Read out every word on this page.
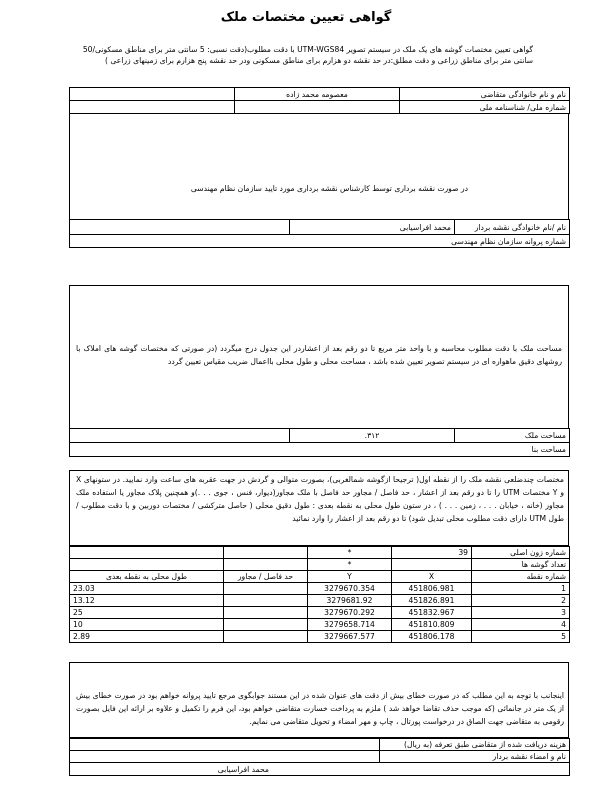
گواهی تعیین مختصات ملک
گواهی تعیین مختصات گوشه های یک ملک در سیستم تصویر UTM-WGS84 با دقت مطلوب(دقت نسبی: 5 سانتی متر برای مناطق مسکونی/50 سانتی متر برای مناطق زراعی و دقت مطلق:در حد نقشه دو هزارم برای مناطق مسکونی ودر حد نقشه پنج هزارم برای زمینهای زراعی )
نام و نام خانوادگی متقاضی	معصومه محمد زاده	
شماره ملی/ شناسنامه ملی		
در صورت نقشه برداری توسط کارشناس نقشه برداری مورد تایید سازمان نظام مهندسی
نام /نام خانوادگی نقشه بردار	محمد افراسیابی	
شماره پروانه سازمان نظام مهندسی
مساحت ملک با دقت مطلوب محاسبه و با واحد متر مربع تا دو رقم بعد از اعشاردر این جدول درج میگردد (در صورتی که مختصات گوشه های املاک با روشهای دقیق ماهواره ای در سیستم تصویر تعیین شده باشد ، مساحت محلی و طول محلی بااعمال ضریب مقیاس تعیین گردد
مساحت ملک	۳۱۲.	
مساحت بنا
مختصات چندضلعی نقشه ملک را از نقطه اول( ترجیحا ازگوشه شمالغربی)، بصورت متوالی و گردش در جهت عقربه های ساعت وارد نمایید. در ستونهای X و Y مختصات UTM را تا دو رقم بعد از اعشار ، حد فاصل / مجاور حد فاصل با ملک مجاور(دیوار، فنس ، جوی . . .)و همچنین پلاک مجاور یا استفاده ملک مجاور (خانه ، خیابان . . . ، زمین . . . ) ، در ستون طول محلی به نقطه بعدی : طول دقیق محلی ( حاصل مترکشی / مختصات دوربین و با دقت مطلوب / طول UTM دارای دقت مطلوب محلی تبدیل شود) تا دو رقم بعد از اعشار را وارد نمائید
شماره زون اصلی	39	*		
تعداد گوشه ها		*		
شماره نقطه	X	Y	حد فاصل / مجاور	طول محلی به نقطه بعدی
1	451806.981	3279670.354		23.03
2	451826.891	3279681.92		13.12
3	451832.967	3279670.292		25
4	451810.809	3279658.714		10
5	451806.178	3279667.577		2.89
اینجانب با توجه به این مطلب که در صورت خطای بیش از دقت های عنوان شده در این مستند جوابگوی مرجع تایید پروانه خواهم بود در صورت خطای بیش از یک متر در جانمائی (که موجب حذف تقاضا خواهد شد ) ملزم به پرداخت خسارت متقاضی خواهم بود، این فرم را تکمیل و علاوه بر ارائه این فایل بصورت رقومی به متقاضی جهت الصاق در درخواست پورتال ، چاپ و مهر امضاء و تحویل متقاضی می نمایم.
هزینه دریافت شده از متقاضی طبق تعرفه (به ریال)	
نام و امضاء نقشه بردار	
محمد افراسیابی	
